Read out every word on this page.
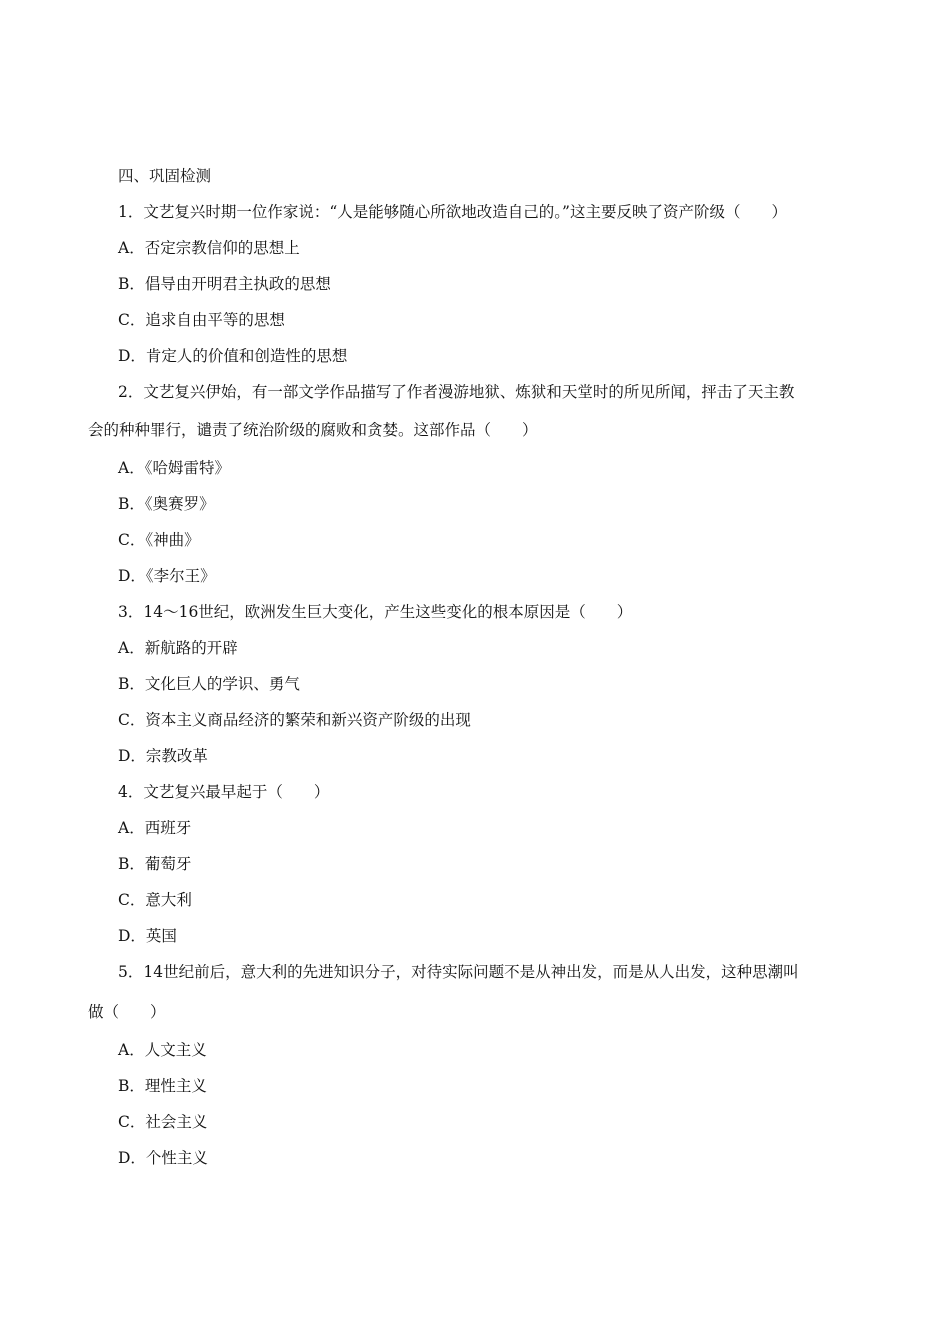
四、巩固检测
1．文艺复兴时期一位作家说：“人是能够随心所欲地改造自己的。”这主要反映了资产阶级（　　）
A．否定宗教信仰的思想上
B．倡导由开明君主执政的思想
C．追求自由平等的思想
D．肯定人的价值和创造性的思想
2．文艺复兴伊始，有一部文学作品描写了作者漫游地狱、炼狱和天堂时的所见所闻，抨击了天主教
会的种种罪行，谴责了统治阶级的腐败和贪婪。这部作品（　　）
A．《哈姆雷特》
B．《奥赛罗》
C．《神曲》
D．《李尔王》
3．14～16世纪，欧洲发生巨大变化，产生这些变化的根本原因是（　　）
A．新航路的开辟
B．文化巨人的学识、勇气
C．资本主义商品经济的繁荣和新兴资产阶级的出现
D．宗教改革
4．文艺复兴最早起于（　　）
A．西班牙
B．葡萄牙
C．意大利
D．英国
5．14世纪前后，意大利的先进知识分子，对待实际问题不是从神出发，而是从人出发，这种思潮叫
做（　　）
A．人文主义
B．理性主义
C．社会主义
D．个性主义
